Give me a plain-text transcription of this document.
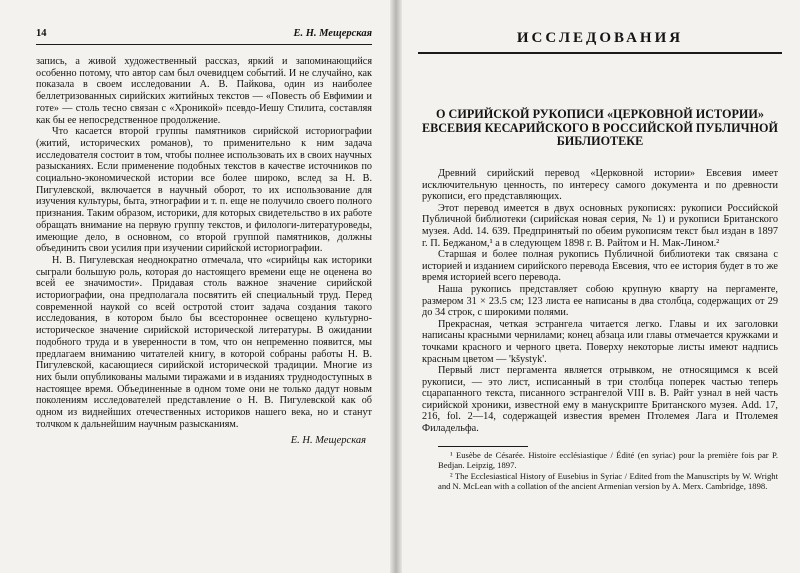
14	Е. Н. Мещерская

запись, а живой художественный рассказ, яркий и запоминающийся особенно потому, что автор сам был очевидцем событий. И не случайно, как показала в своем исследовании А. В. Пайкова, один из наиболее беллетризованных сирийских житийных текстов — «Повесть об Евфимии и готе» — столь тесно связан с «Хроникой» псевдо-Иешу Стилита, составляя как бы ее непосредственное продолжение.

Что касается второй группы памятников сирийской историографии (житий, исторических романов), то применительно к ним задача исследователя состоит в том, чтобы полнее использовать их в своих научных разысканиях. Если применение подобных текстов в качестве источников по социально-экономической истории все более широко, вслед за Н. В. Пигулевской, включается в научный оборот, то их использование для изучения культуры, быта, этнографии и т. п. еще не получило своего полного признания. Таким образом, историки, для которых свидетельство в их работе обращать внимание на первую группу текстов, и филологи-литературоведы, имеющие дело, в основном, со второй группой памятников, должны объединить свои усилия при изучении сирийской историографии.

Н. В. Пигулевская неоднократно отмечала, что «сирийцы как историки сыграли большую роль, которая до настоящего времени еще не оценена во всей ее значимости». Придавая столь важное значение сирийской историографии, она предполагала посвятить ей специальный труд. Перед современной наукой со всей остротой стоит задача создания такого исследования, в котором было бы всестороннее освещено культурно-историческое значение сирийской исторической литературы. В ожидании подобного труда и в уверенности в том, что он непременно появится, мы предлагаем вниманию читателей книгу, в которой собраны работы Н. В. Пигулевской, касающиеся сирийской исторической традиции. Многие из них были опубликованы малыми тиражами и в изданиях труднодоступных в настоящее время. Объединенные в одном томе они не только дадут новым поколениям исследователей представление о Н. В. Пигулевской как об одном из виднейших отечественных историков нашего века, но и станут толчком к дальнейшим научным разысканиям.

Е. Н. Мещерская
ИССЛЕДОВАНИЯ
О СИРИЙСКОЙ РУКОПИСИ «ЦЕРКОВНОЙ ИСТОРИИ» ЕВСЕВИЯ КЕСАРИЙСКОГО В РОССИЙСКОЙ ПУБЛИЧНОЙ БИБЛИОТЕКЕ

Древний сирийский перевод «Церковной истории» Евсевия имеет исключительную ценность, по интересу самого документа и по древности рукописи, его представляющих.

Этот перевод имеется в двух основных рукописях: рукописи Российской Публичной библиотеки (сирийская новая серия, № 1) и рукописи Британского музея. Add. 14. 639. Предпринятый по обеим рукописям текст был издан в 1897 г. П. Беджаном,¹ а в следующем 1898 г. В. Райтом и Н. Мак-Лином.²

Старшая и более полная рукопись Публичной библиотеки так связана с историей и изданием сирийского перевода Евсевия, что ее история будет в то же время историей всего перевода.

Наша рукопись представляет собою крупную кварту на пергаменте, размером 31 × 23.5 см; 123 листа ее написаны в два столбца, содержащих от 29 до 34 строк, с широкими полями.

Прекрасная, четкая эстрангела читается легко. Главы и их заголовки написаны красными чернилами; конец абзаца или главы отмечается кружками и точками красного и черного цвета. Поверху некоторые листы имеют надпись красным цветом — 'kšystyk'.

Первый лист пергамента является отрывком, не относящимся к всей рукописи, — это лист, исписанный в три столбца поперек частью теперь сцарапанного текста, писанного эстрангелой VIII в. В. Райт узнал в ней часть сирийской хроники, известной ему в манускрипте Британского музея. Add. 17, 216, fol. 2—14, содержащей известия времен Птолемея Лага и Птолемея Филадельфа.

¹ Eusèbe de Césarée. Histoire ecclésiastique / Édité (en syriac) pour la première fois par P. Bedjan. Leipzig, 1897.

² The Ecclesiastical History of Eusebius in Syriac / Edited from the Manuscripts by W. Wright and N. McLean with a collation of the ancient Armenian version by A. Merx. Cambridge, 1898.
